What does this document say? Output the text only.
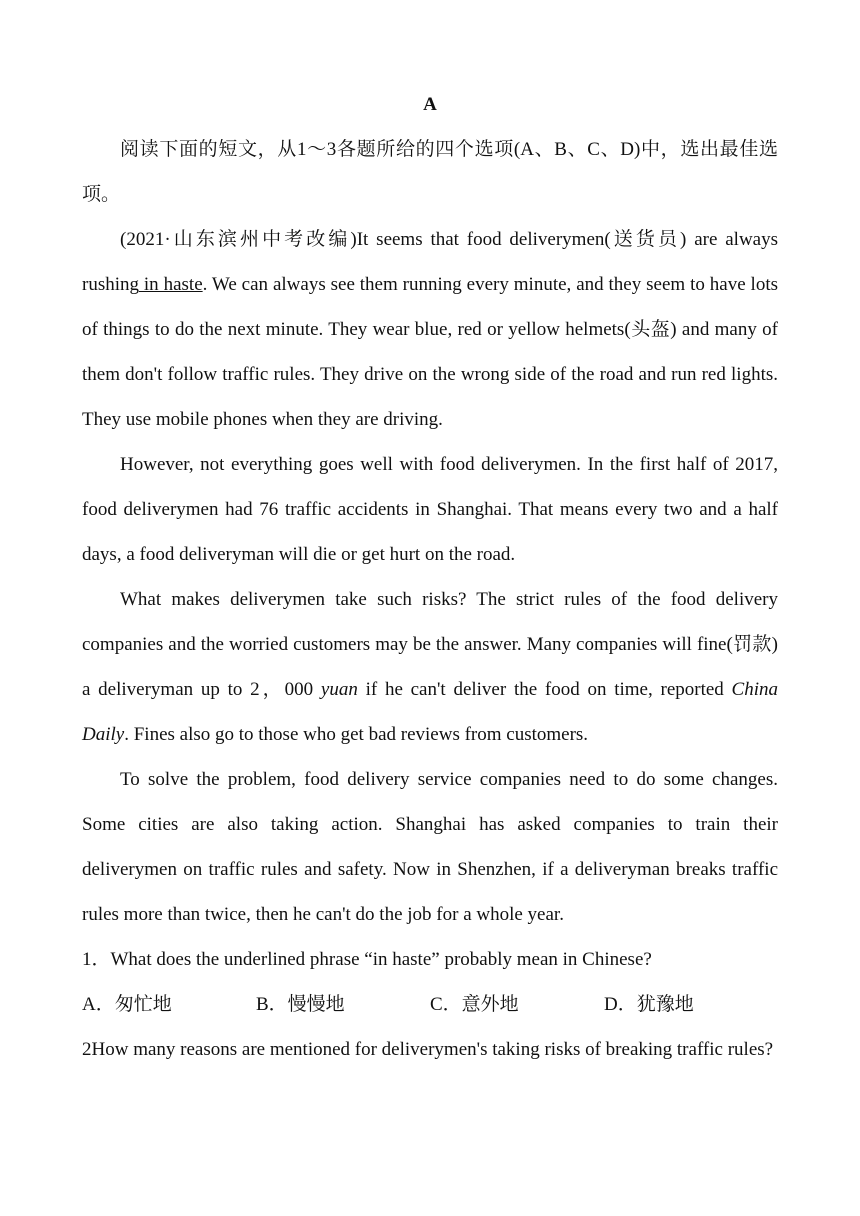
A

阅读下面的短文，从1～3各题所给的四个选项(A、B、C、D)中，选出最佳选项。

(2021·山东滨州中考改编)It seems that food deliverymen(送货员) are always rushing in haste. We can always see them running every minute, and they seem to have lots of things to do the next minute. They wear blue, red or yellow helmets(头盔) and many of them don't follow traffic rules. They drive on the wrong side of the road and run red lights. They use mobile phones when they are driving.

However, not everything goes well with food deliverymen. In the first half of 2017, food deliverymen had 76 traffic accidents in Shanghai. That means every two and a half days, a food deliveryman will die or get hurt on the road.

What makes deliverymen take such risks? The strict rules of the food delivery companies and the worried customers may be the answer. Many companies will fine(罚款) a deliveryman up to 2，000 yuan if he can't deliver the food on time, reported China Daily. Fines also go to those who get bad reviews from customers.

To solve the problem, food delivery service companies need to do some changes. Some cities are also taking action. Shanghai has asked companies to train their deliverymen on traffic rules and safety. Now in Shenzhen, if a deliveryman breaks traffic rules more than twice, then he can't do the job for a whole year.

1．What does the underlined phrase “in haste” probably mean in Chinese?
A．匆忙地	B．慢慢地	C．意外地	D．犹豫地

2How many reasons are mentioned for deliverymen's taking risks of breaking traffic rules?
